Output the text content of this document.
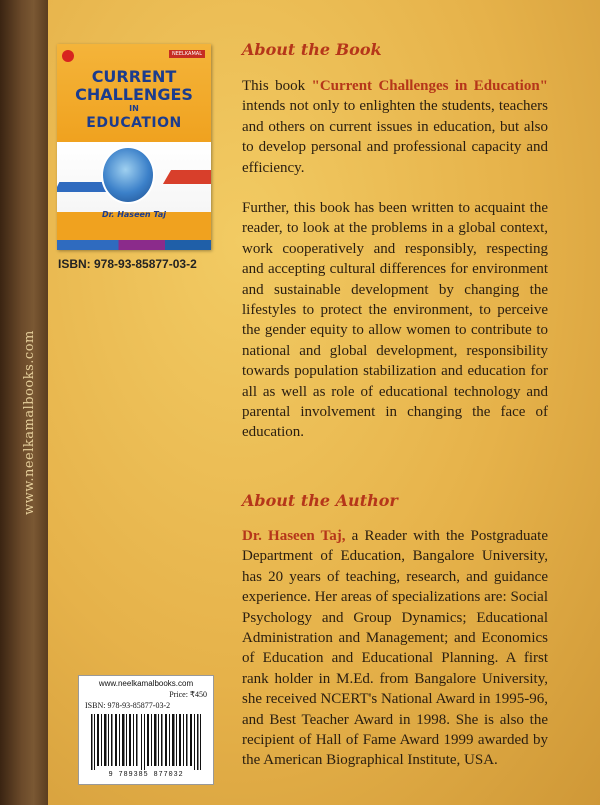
www.neelkamalbooks.com
NEELKAMAL
CURRENT
CHALLENGES
IN
EDUCATION
Dr. Haseen Taj
ISBN: 978-93-85877-03-2
About the Book

This book "Current Challenges in Education" intends not only to enlighten the students, teachers and others on current issues in education, but also to develop personal and professional capacity and efficiency.

Further, this book has been written to acquaint the reader, to look at the problems in a global context, work cooperatively and responsibly, respecting and accepting cultural differences for environment and sustainable development by changing the lifestyles to protect the environment, to perceive the gender equity to allow women to contribute to national and global development, responsibility towards population stabilization and education for all as well as role of educational technology and parental involvement in changing the face of education.

About the Author

Dr. Haseen Taj, a Reader with the Postgraduate Department of Education, Bangalore University, has 20 years of teaching, research, and guidance experience. Her areas of specializations are: Social Psychology and Group Dynamics; Educational Administration and Management; and Economics of Education and Educational Planning. A first rank holder in M.Ed. from Bangalore University, she received NCERT's National Award in 1995-96, and Best Teacher Award in 1998. She is also the recipient of Hall of Fame Award 1999 awarded by the American Biographical Institute, USA.

www.neelkamalbooks.com
Price: ₹450
ISBN: 978-93-85877-03-2
9 789385 877032
